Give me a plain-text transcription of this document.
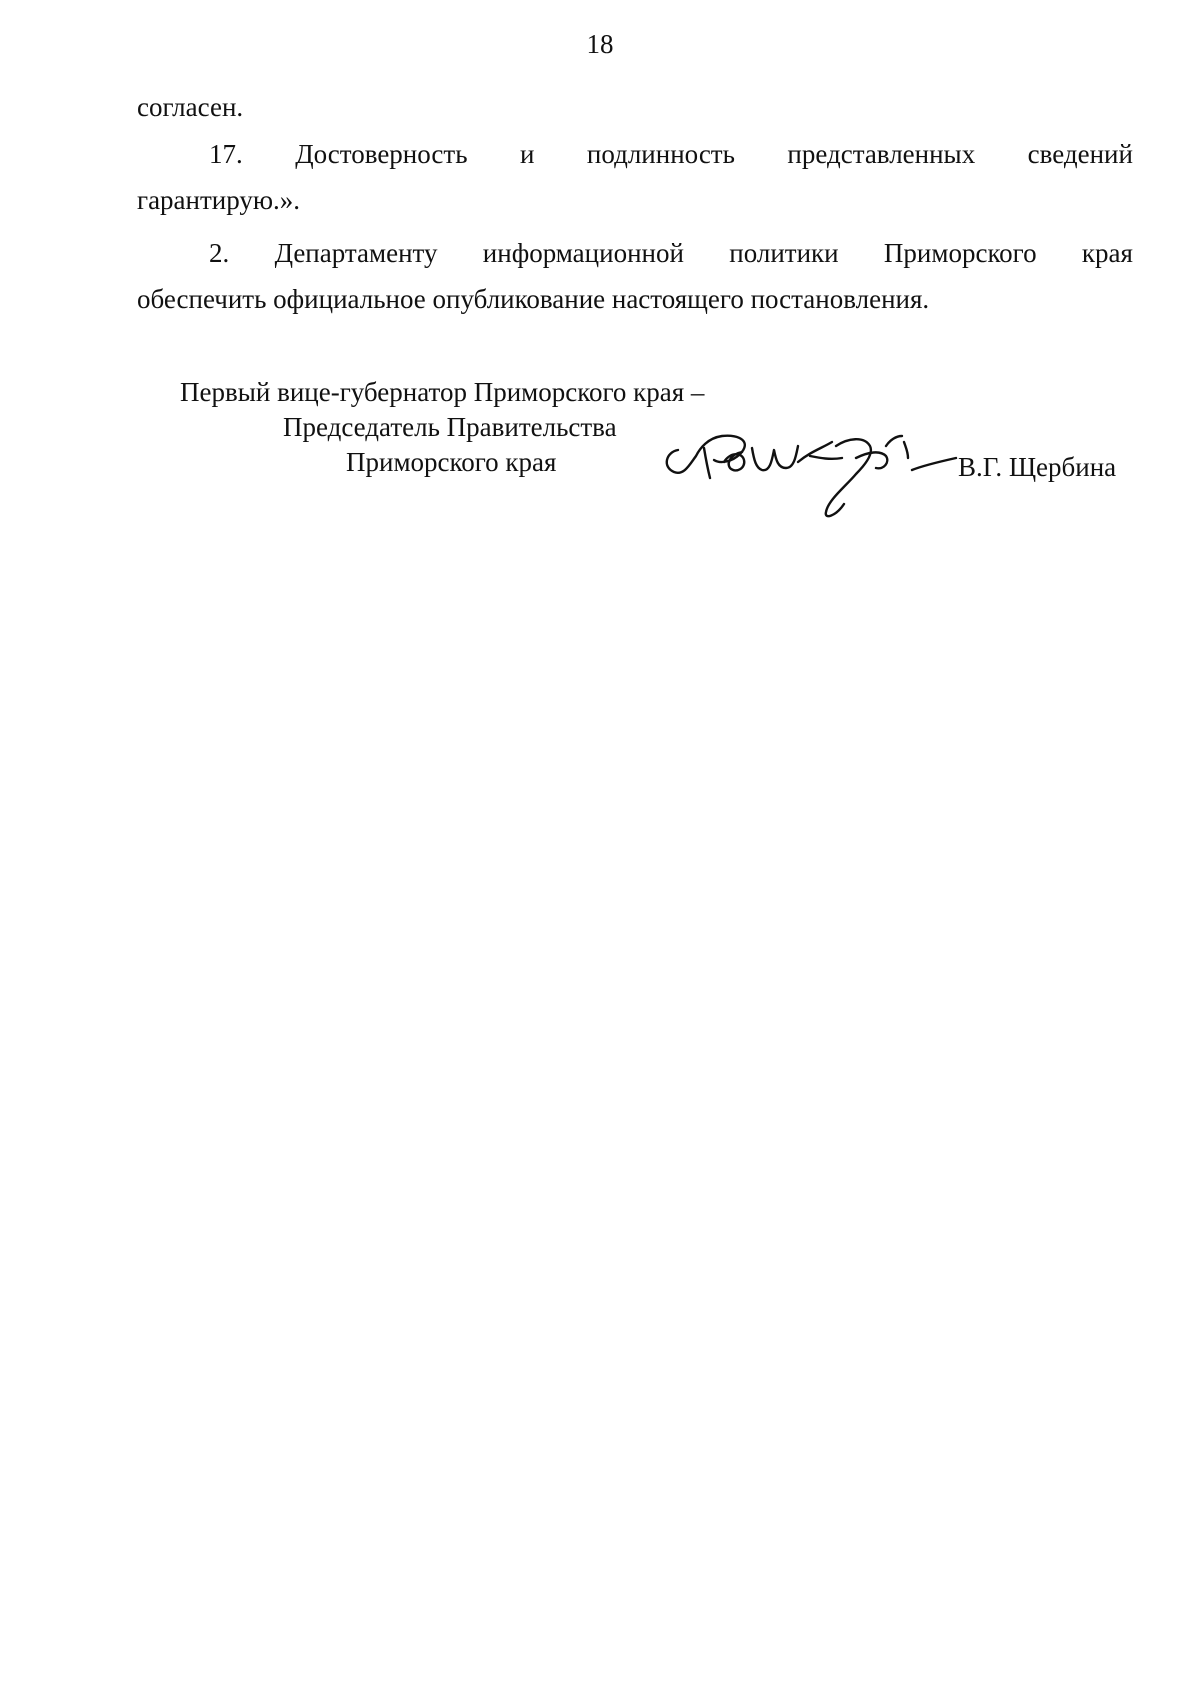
18
согласен.
17. Достоверность и подлинность представленных сведений
гарантирую.».
2. Департаменту информационной политики Приморского края
обеспечить официальное опубликование настоящего постановления.
Первый вице-губернатор Приморского края –
Председатель Правительства
Приморского края	В.Г. Щербина
